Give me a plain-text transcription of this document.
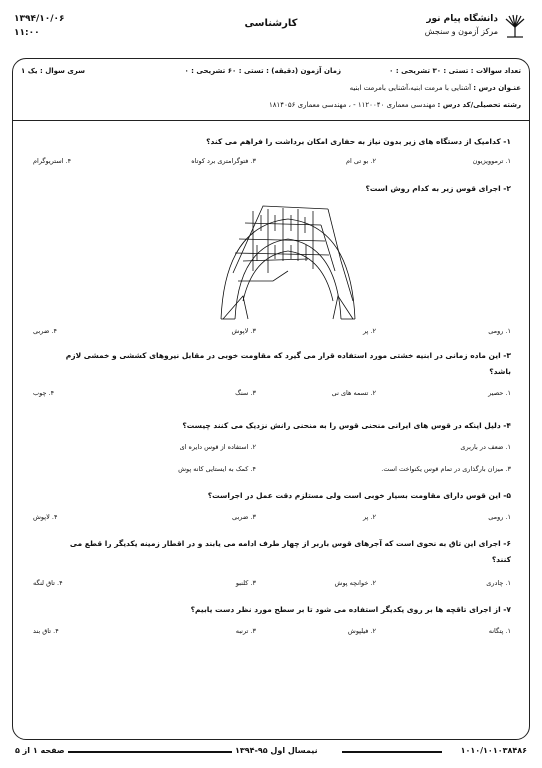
دانشگاه پیام نور
مرکز آزمون و سنجش
کارشناسی
۱۳۹۴/۱۰/۰۶
۱۱:۰۰
تعداد سوالات : تستی : ۳۰ تشریحی : ۰
زمان آزمون (دقیقه) : تستی : ۶۰ تشریحی : ۰
سری سوال : یک ۱
عنـوان درس : آشنایی با مرمت ابنیه،آشنایی بامرمت ابنیه
رشته تحصیلی/کد درس : مهندسی معماری ۱۱۲۰۰۴۰ - ، مهندسی معماری ۱۸۱۴۰۵۶
۱- کدامیک از دستگاه های زیر بدون نیاز به حفاری امکان برداشت را فراهم می کند؟
۱. ترموویزیون
۲. بو تی ام
۳. فتوگرامتری برد کوتاه
۴. استریوگرام
۲- اجرای قوس زیر به کدام روش است؟
۱. رومی
۲. پر
۳. لاپوش
۴. ضربی
۳- این ماده زمانی در ابنیه خشتی مورد استفاده قرار می گیرد که مقاومت خوبی در مقابل نیروهای کششی و خمشی لازم
باشد؟
۱. حصیر
۲. تسمه های نی
۳. سنگ
۴. چوب
۴- دلیل اینکه در قوس های ایرانی منحنی قوس را به منحنی رانش نزدیک می کنند چیست؟
۱. ضعف در باربری
۲. استفاده از قوس دایره ای
۳. میزان بارگذاری در تمام قوس یکنواخت است.
۴. کمک به ایستایی کانه پوش
۵- این قوس دارای مقاومت بسیار خوبی است ولی مستلزم دقت عمل در اجراست؟
۱. رومی
۲. پر
۳. ضربی
۴. لاپوش
۶- اجرای این تاق به نحوی است که آجرهای قوس باربر از چهار طرف ادامه می یابند و در اقطار زمینه یکدیگر را قطع می
کنند؟
۱. چادری
۲. خوانچه پوش
۳. کلنبو
۴. تاق لنگه
۷- از اجرای تاقچه ها بر روی یکدیگر استفاده می شود تا بر سطح مورد نظر دست یابیم؟
۱. پتگانه
۲. فیلپوش
۳. ترنبه
۴. تاق بند
صفحه ۱ از ۵	نیمسال اول ۹۵-۱۳۹۴	۱۰۱۰/۱۰۱۰۳۸۴۸۶
